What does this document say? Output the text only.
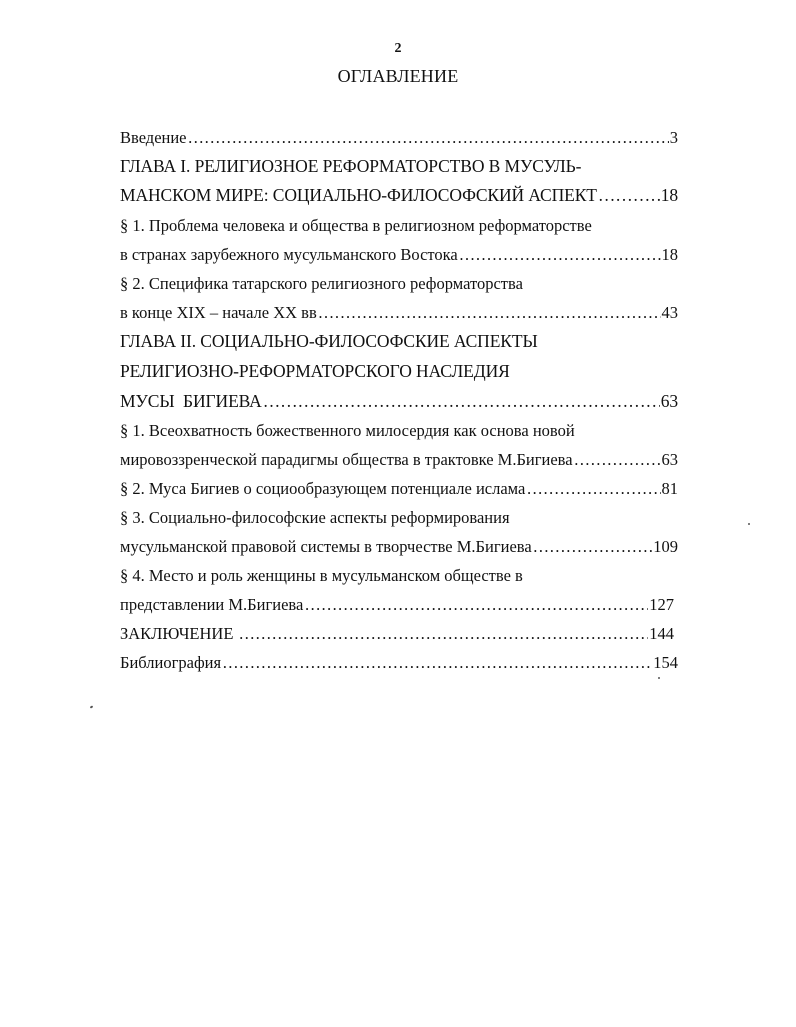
2
ОГЛАВЛЕНИЕ
Введение …………………………………………………………………………………………………………………………………………………………………	3
ГЛАВА I. РЕЛИГИОЗНОЕ РЕФОРМАТОРСТВО В МУСУЛЬ-
МАНСКОМ МИРЕ: СОЦИАЛЬНО-ФИЛОСОФСКИЙ АСПЕКТ …………………………………………………………………………………………………………………………………………………………………	18
§ 1. Проблема человека и общества в религиозном реформаторстве
в странах зарубежного мусульманского Востока …………………………………………………………………………………………………………………………………………………………………	18
§ 2. Специфика татарского религиозного реформаторства
в конце XIX – начале XX вв …………………………………………………………………………………………………………………………………………………………………	43
ГЛАВА II. СОЦИАЛЬНО-ФИЛОСОФСКИЕ АСПЕКТЫ
РЕЛИГИОЗНО-РЕФОРМАТОРСКОГО НАСЛЕДИЯ
МУСЫ  БИГИЕВА …………………………………………………………………………………………………………………………………………………………………	63
§ 1. Всеохватность божественного милосердия как основа новой
мировоззренческой парадигмы общества в трактовке М.Бигиева …………………………………………………………………………………………………………………………………………………………………	63
§ 2. Муса Бигиев о социообразующем потенциале ислама …………………………………………………………………………………………………………………………………………………………………	81
§ 3. Социально-философские аспекты реформирования
мусульманской правовой системы в творчестве М.Бигиева …………………………………………………………………………………………………………………………………………………………………	109
§ 4. Место и роль женщины в мусульманском обществе в
представлении М.Бигиева …………………………………………………………………………………………………………………………………………………………………	127
ЗАКЛЮЧЕНИЕ …………………………………………………………………………………………………………………………………………………………………	144
Библиография …………………………………………………………………………………………………………………………………………………………………	154
